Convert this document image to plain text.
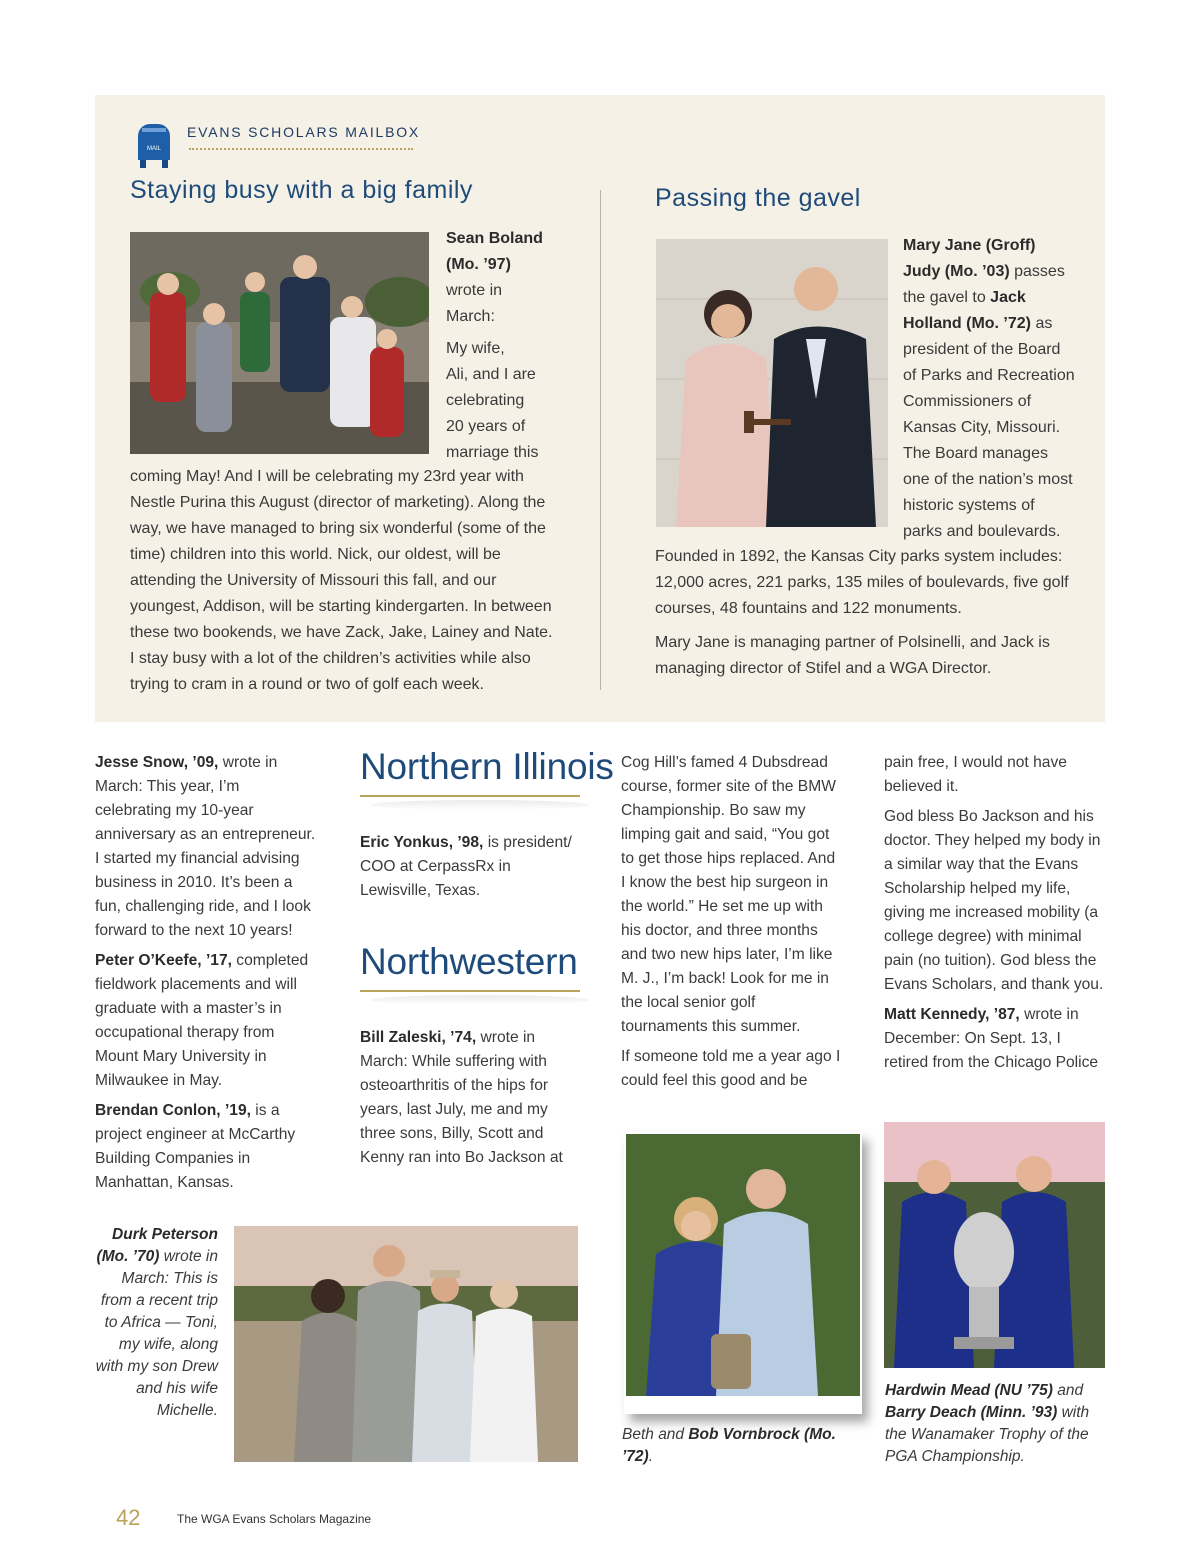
MAIL
EVANS SCHOLARS MAILBOX
Staying busy with a big family
Sean Boland
(Mo. ’97)
wrote in
March:
My wife,
Ali, and I are
celebrating
20 years of
marriage this
coming May! And I will be celebrating my 23rd year with Nestle Purina this August (director of marketing). Along the way, we have managed to bring six wonderful (some of the time) children into this world. Nick, our oldest, will be attending the University of Missouri this fall, and our youngest, Addison, will be starting kindergarten. In between these two bookends, we have Zack, Jake, Lainey and Nate. I stay busy with a lot of the children’s activities while also trying to cram in a round or two of golf each week.
Passing the gavel
Mary Jane (Groff)
Judy (Mo. ’03) passes
the gavel to Jack
Holland (Mo. ’72) as
president of the Board
of Parks and Recreation
Commissioners of
Kansas City, Missouri.
The Board manages
one of the nation’s most
historic systems of
parks and boulevards.

Founded in 1892, the Kansas City parks system includes: 12,000 acres, 221 parks, 135 miles of boulevards, five golf courses, 48 fountains and 122 monuments.

Mary Jane is managing partner of Polsinelli, and Jack is managing director of Stifel and a WGA Director.

Jesse Snow, ’09, wrote in March: This year, I’m celebrating my 10-year anniversary as an entrepreneur. I started my financial advising business in 2010. It’s been a fun, challenging ride, and I look forward to the next 10 years!

Peter O’Keefe, ’17, completed fieldwork placements and will graduate with a master’s in occupational therapy from Mount Mary University in Milwaukee in May.

Brendan Conlon, ’19, is a project engineer at McCarthy Building Companies in Manhattan, Kansas.

Northern Illinois

Eric Yonkus, ’98, is president/ COO at CerpassRx in Lewisville, Texas.

Northwestern

Bill Zaleski, ’74, wrote in March: While suffering with osteoarthritis of the hips for years, last July, me and my three sons, Billy, Scott and Kenny ran into Bo Jackson at

Cog Hill’s famed 4 Dubsdread course, former site of the BMW Championship. Bo saw my limping gait and said, “You got to get those hips replaced. And I know the best hip surgeon in the world.” He set me up with his doctor, and three months and two new hips later, I’m like M. J., I’m back! Look for me in the local senior golf tournaments this summer.

If someone told me a year ago I could feel this good and be

pain free, I would not have believed it.

God bless Bo Jackson and his doctor. They helped my body in a similar way that the Evans Scholarship helped my life, giving me increased mobility (a college degree) with minimal pain (no tuition). God bless the Evans Scholars, and thank you.

Matt Kennedy, ’87, wrote in December: On Sept. 13, I retired from the Chicago Police

Durk Peterson (Mo. ’70) wrote in March: This is from a recent trip to Africa — Toni, my wife, along with my son Drew and his wife Michelle.
Beth and Bob Vornbrock (Mo. ’72).
Hardwin Mead (NU ’75) and Barry Deach (Minn. ’93) with the Wanamaker Trophy of the PGA Championship.
42	The WGA Evans Scholars Magazine
